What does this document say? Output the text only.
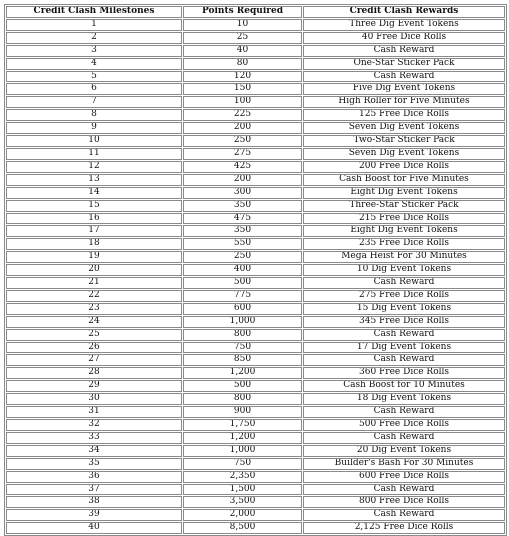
Credit Clash Milestones	Points Required	Credit Clash Rewards
1	10	Three Dig Event Tokens
2	25	40 Free Dice Rolls
3	40	Cash Reward
4	80	One-Star Sticker Pack
5	120	Cash Reward
6	150	Five Dig Event Tokens
7	100	High Roller for Five Minutes
8	225	125 Free Dice Rolls
9	200	Seven Dig Event Tokens
10	250	Two-Star Sticker Pack
11	275	Seven Dig Event Tokens
12	425	200 Free Dice Rolls
13	200	Cash Boost for Five Minutes
14	300	Eight Dig Event Tokens
15	350	Three-Star Sticker Pack
16	475	215 Free Dice Rolls
17	350	Eight Dig Event Tokens
18	550	235 Free Dice Rolls
19	250	Mega Heist For 30 Minutes
20	400	10 Dig Event Tokens
21	500	Cash Reward
22	775	275 Free Dice Rolls
23	600	15 Dig Event Tokens
24	1,000	345 Free Dice Rolls
25	800	Cash Reward
26	750	17 Dig Event Tokens
27	850	Cash Reward
28	1,200	360 Free Dice Rolls
29	500	Cash Boost for 10 Minutes
30	800	18 Dig Event Tokens
31	900	Cash Reward
32	1,750	500 Free Dice Rolls
33	1,200	Cash Reward
34	1,000	20 Dig Event Tokens
35	750	Builder's Bash For 30 Minutes
36	2,350	600 Free Dice Rolls
37	1,500	Cash Reward
38	3,500	800 Free Dice Rolls
39	2,000	Cash Reward
40	8,500	2,125 Free Dice Rolls
